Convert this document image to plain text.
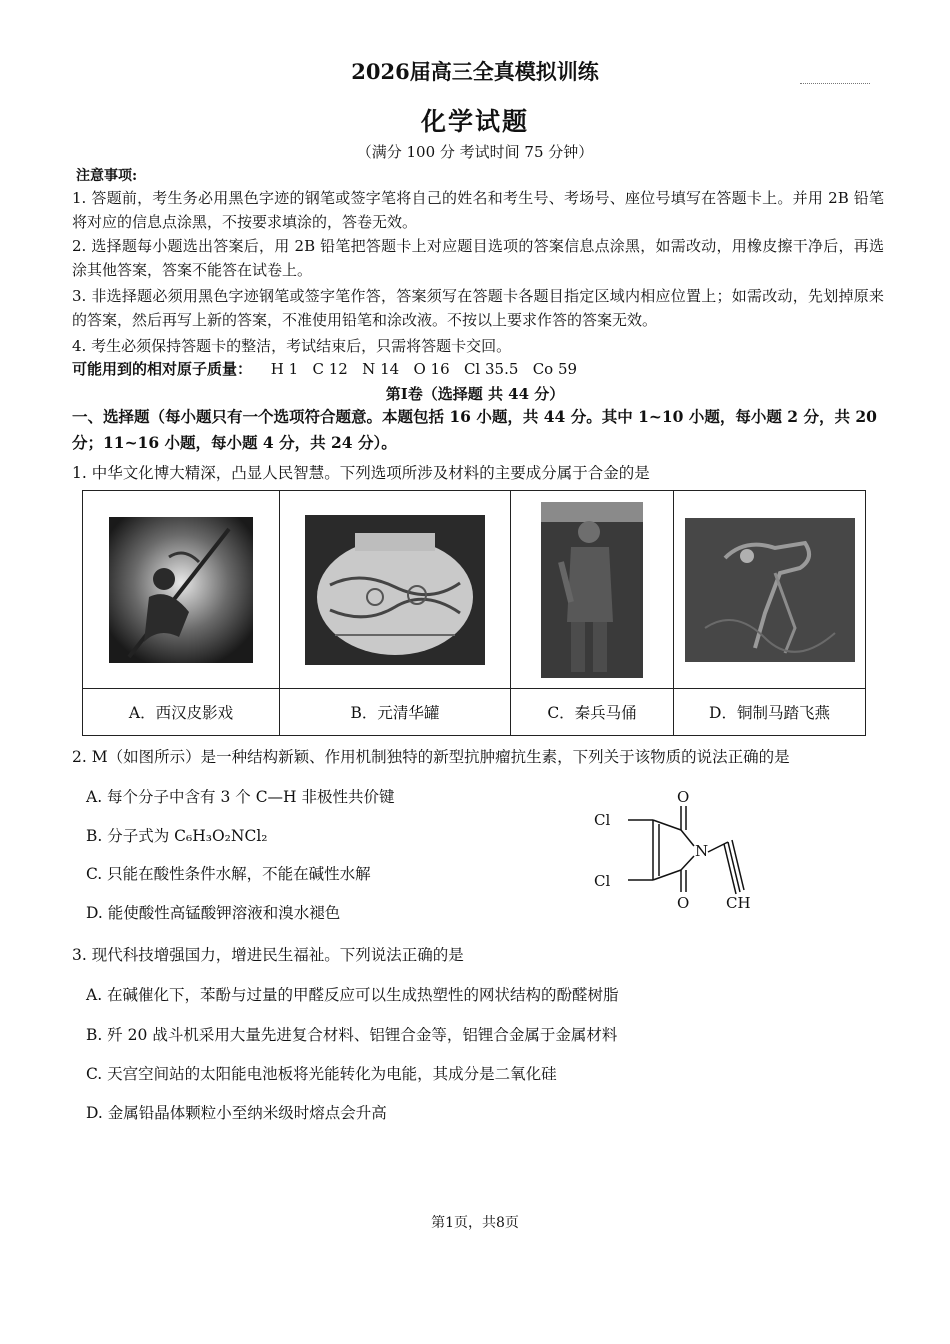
2026届高三全真模拟训练
化学试题
（满分 100 分 考试时间 75 分钟）
注意事项:
1. 答题前，考生务必用黑色字迹的钢笔或签字笔将自己的姓名和考生号、考场号、座位号填写在答题卡上。并用 2B 铅笔将对应的信息点涂黑，不按要求填涂的，答卷无效。
2. 选择题每小题选出答案后，用 2B 铅笔把答题卡上对应题目选项的答案信息点涂黑，如需改动，用橡皮擦干净后，再选涂其他答案，答案不能答在试卷上。
3. 非选择题必须用黑色字迹钢笔或签字笔作答，答案须写在答题卡各题目指定区域内相应位置上；如需改动，先划掉原来的答案，然后再写上新的答案，不准使用铅笔和涂改液。不按以上要求作答的答案无效。
4. 考生必须保持答题卡的整洁，考试结束后，只需将答题卡交回。
可能用到的相对原子质量： H 1 C 12 N 14 O 16 Cl 35.5 Co 59
第Ⅰ卷（选择题 共 44 分）
一、选择题（每小题只有一个选项符合题意。本题包括 16 小题，共 44 分。其中 1~10 小题，每小题 2 分，共 20 分；11~16 小题，每小题 4 分，共 24 分）。
1. 中华文化博大精深，凸显人民智慧。下列选项所涉及材料的主要成分属于合金的是

A．西汉皮影戏	B．元清华罐	C．秦兵马俑	D．铜制马踏飞燕
2. M（如图所示）是一种结构新颖、作用机制独特的新型抗肿瘤抗生素，下列关于该物质的说法正确的是
A. 每个分子中含有 3 个 C—H 非极性共价键
B. 分子式为 C₆H₃O₂NCl₂
C. 只能在酸性条件水解，不能在碱性水解
D. 能使酸性高锰酸钾溶液和溴水褪色
Cl
Cl
O
O
N
CH
3. 现代科技增强国力，增进民生福祉。下列说法正确的是
A. 在碱催化下，苯酚与过量的甲醛反应可以生成热塑性的网状结构的酚醛树脂
B. 歼 20 战斗机采用大量先进复合材料、铝锂合金等，铝锂合金属于金属材料
C. 天宫空间站的太阳能电池板将光能转化为电能，其成分是二氧化硅
D. 金属铅晶体颗粒小至纳米级时熔点会升高
第1页，共8页
